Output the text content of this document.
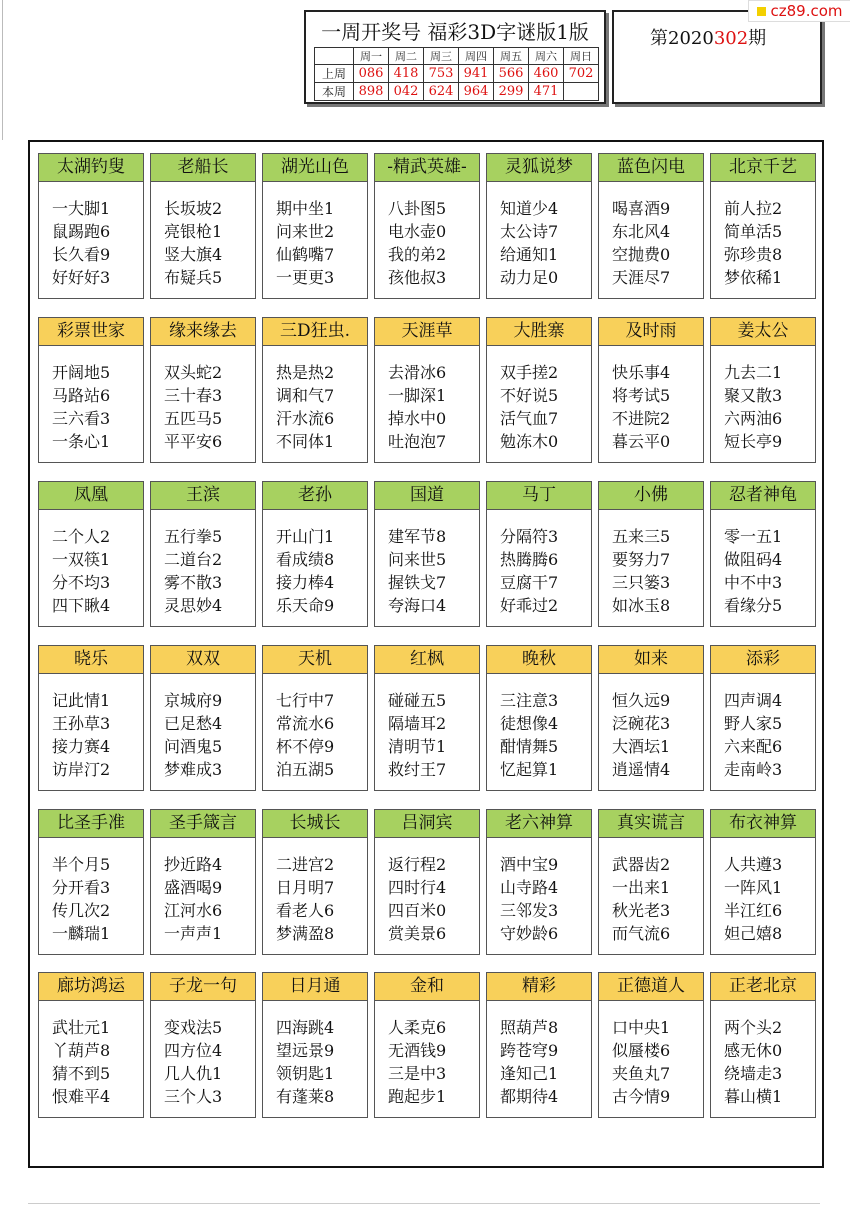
一周开奖号 福彩3D字谜版1版
	周一	周二	周三	周四	周五	周六	周日
上周	086	418	753	941	566	460	702
本周	898	042	624	964	299	471	
第2020302期
cz89.com
太湖钓叟
一大脚1
鼠踢跑6
长久看9
好好好3
老船长
长坂坡2
亮银枪1
竖大旗4
布疑兵5
湖光山色
期中坐1
问来世2
仙鹤嘴7
一更更3
-精武英雄-
八卦图5
电水壶0
我的弟2
孩他叔3
灵狐说梦
知道少4
太公诗7
给通知1
动力足0
蓝色闪电
喝喜酒9
东北风4
空抛费0
天涯尽7
北京千艺
前人拉2
简单活5
弥珍贵8
梦依稀1
彩票世家
开阔地5
马路站6
三六看3
一条心1
缘来缘去
双头蛇2
三十春3
五匹马5
平平安6
三D狂虫.
热是热2
调和气7
汗水流6
不同体1
天涯草
去滑冰6
一脚深1
掉水中0
吐泡泡7
大胜寨
双手搓2
不好说5
活气血7
勉冻木0
及时雨
快乐事4
将考试5
不进院2
暮云平0
姜太公
九去二1
聚又散3
六两油6
短长亭9
凤凰
二个人2
一双筷1
分不均3
四下瞅4
王滨
五行拳5
二道台2
雾不散3
灵思妙4
老孙
开山门1
看成绩8
接力棒4
乐天命9
国道
建军节8
问来世5
握铁戈7
夸海口4
马丁
分隔符3
热腾腾6
豆腐干7
好乖过2
小佛
五来三5
要努力7
三只篓3
如冰玉8
忍者神龟
零一五1
做阻码4
中不中3
看缘分5
晓乐
记此情1
王孙草3
接力赛4
访岸汀2
双双
京城府9
已足愁4
问酒鬼5
梦难成3
天机
七行中7
常流水6
杯不停9
泊五湖5
红枫
碰碰五5
隔墙耳2
清明节1
救纣王7
晚秋
三注意3
徒想像4
酣情舞5
忆起算1
如来
恒久远9
泛碗花3
大酒坛1
逍遥情4
添彩
四声调4
野人家5
六来配6
走南岭3
比圣手准
半个月5
分开看3
传几次2
一麟瑞1
圣手箴言
抄近路4
盛酒喝9
江河水6
一声声1
长城长
二进宫2
日月明7
看老人6
梦满盈8
吕洞宾
返行程2
四时行4
四百米0
赏美景6
老六神算
酒中宝9
山寺路4
三邻发3
守妙龄6
真实谎言
武器齿2
一出来1
秋光老3
而气流6
布衣神算
人共遵3
一阵风1
半江红6
妲己嬉8
廊坊鸿运
武壮元1
丫葫芦8
猜不到5
恨难平4
子龙一句
变戏法5
四方位4
几人仇1
三个人3
日月通
四海跳4
望远景9
领钥匙1
有蓬莱8
金和
人柔克6
无酒钱9
三是中3
跑起步1
精彩
照葫芦8
跨苍穹9
逢知己1
都期待4
正德道人
口中央1
似蜃楼6
夹鱼丸7
古今情9
正老北京
两个头2
感无休0
绕墙走3
暮山横1
